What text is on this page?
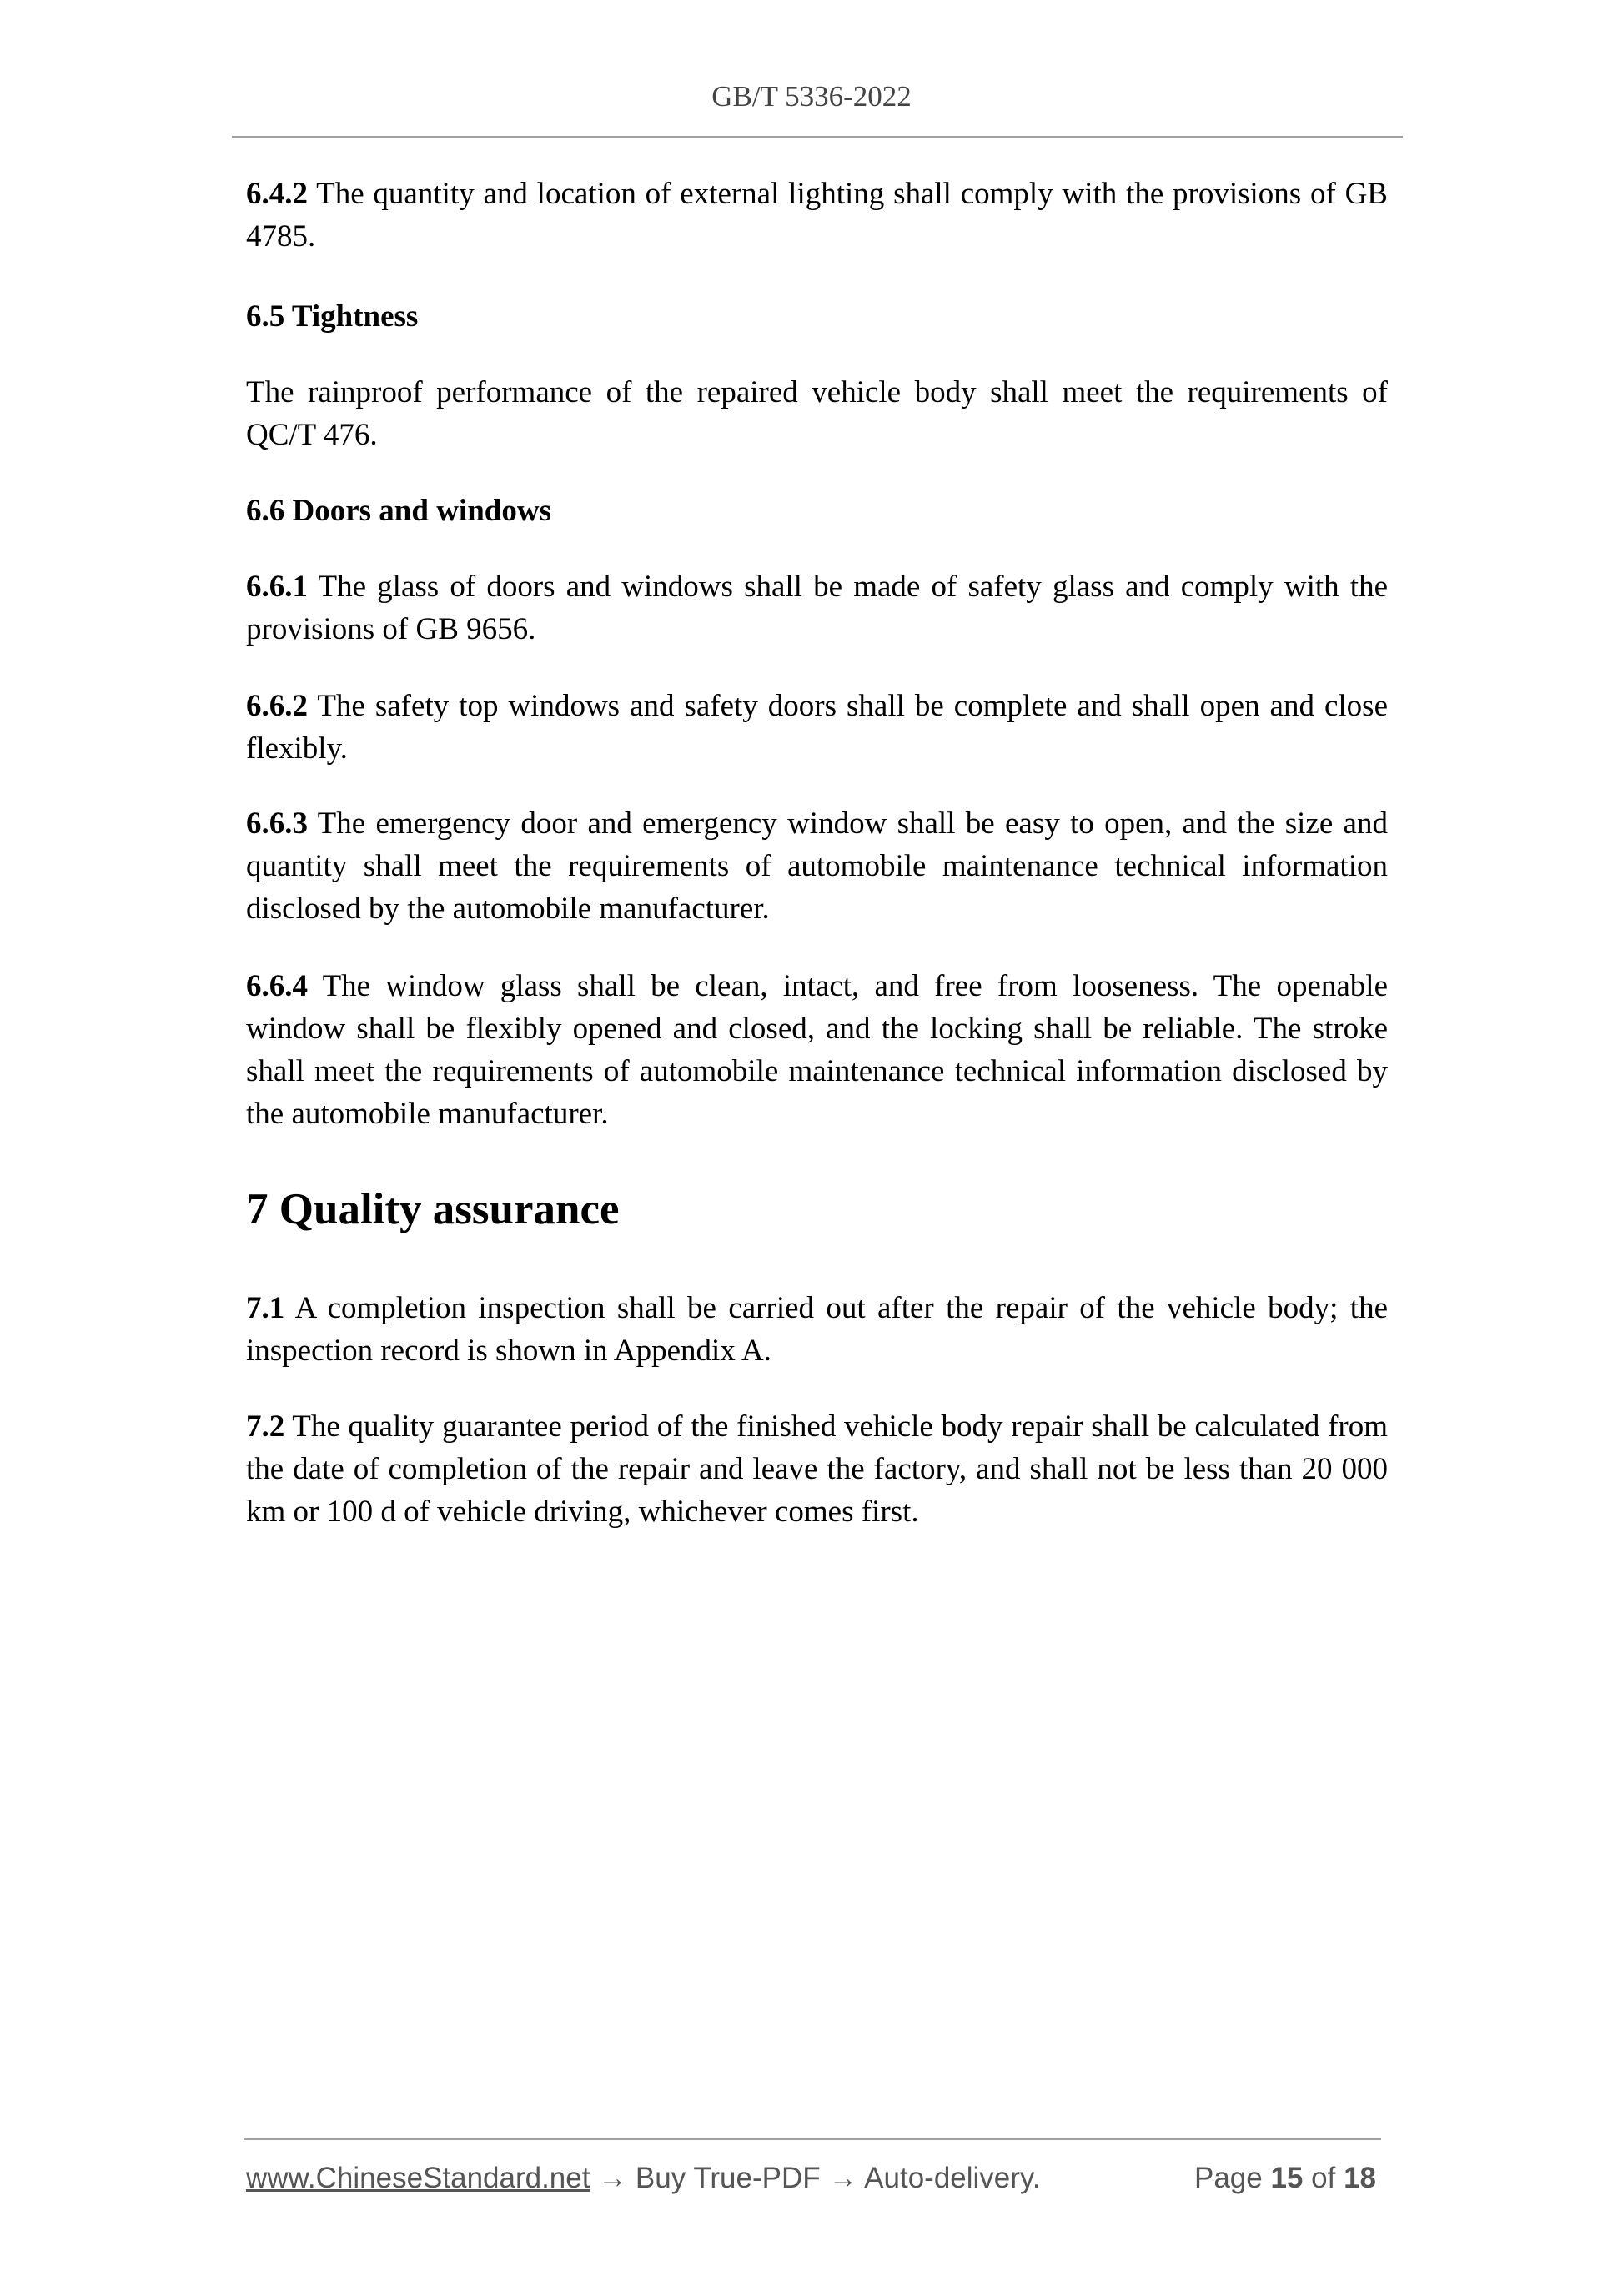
GB/T 5336-2022
6.4.2 The quantity and location of external lighting shall comply with the provisions of GB 4785.
6.5 Tightness
The rainproof performance of the repaired vehicle body shall meet the requirements of QC/T 476.
6.6 Doors and windows
6.6.1 The glass of doors and windows shall be made of safety glass and comply with the provisions of GB 9656.
6.6.2 The safety top windows and safety doors shall be complete and shall open and close flexibly.
6.6.3 The emergency door and emergency window shall be easy to open, and the size and quantity shall meet the requirements of automobile maintenance technical information disclosed by the automobile manufacturer.
6.6.4 The window glass shall be clean, intact, and free from looseness. The openable window shall be flexibly opened and closed, and the locking shall be reliable. The stroke shall meet the requirements of automobile maintenance technical information disclosed by the automobile manufacturer.
7 Quality assurance
7.1 A completion inspection shall be carried out after the repair of the vehicle body; the inspection record is shown in Appendix A.
7.2 The quality guarantee period of the finished vehicle body repair shall be calculated from the date of completion of the repair and leave the factory, and shall not be less than 20 000 km or 100 d of vehicle driving, whichever comes first.
www.ChineseStandard.net → Buy True-PDF → Auto-delivery.	Page 15 of 18
